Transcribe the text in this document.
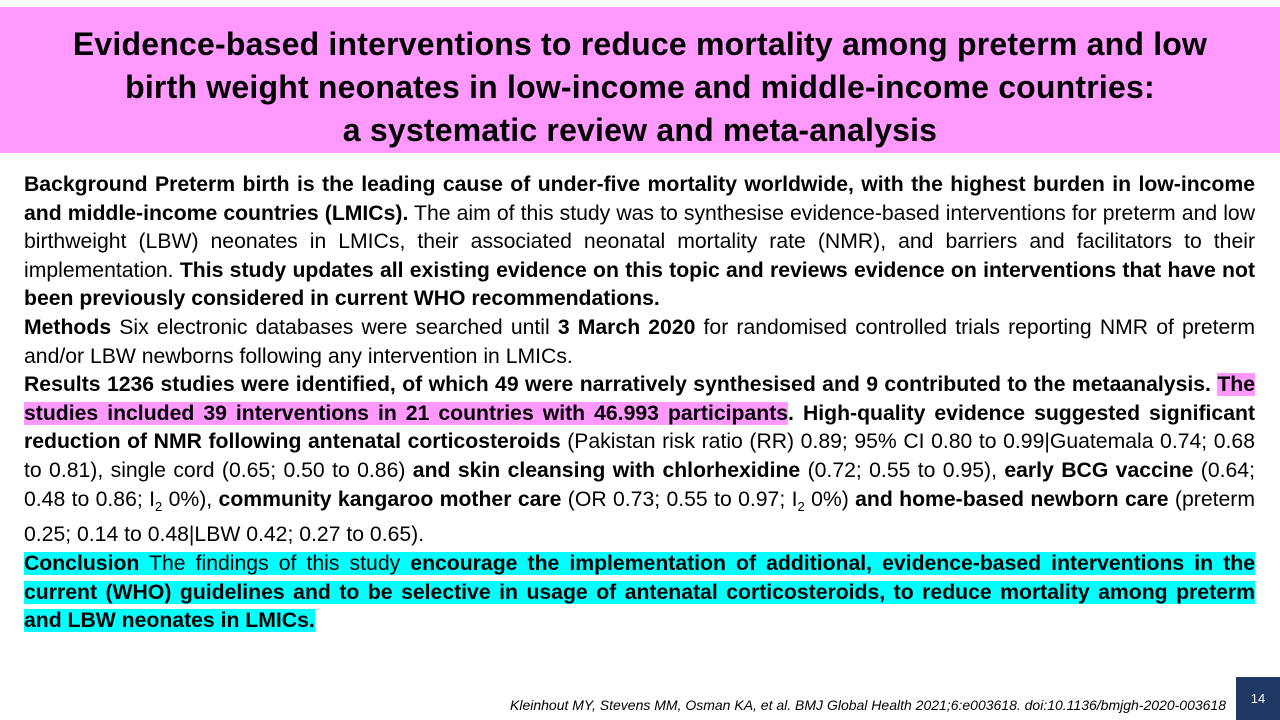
Evidence-based interventions to reduce mortality among preterm and low
birth weight neonates in low-income and middle-income countries:
a systematic review and meta-analysis

Background Preterm birth is the leading cause of under-five mortality worldwide, with the highest burden in low-income and middle-income countries (LMICs). The aim of this study was to synthesise evidence-based interventions for preterm and low birthweight (LBW) neonates in LMICs, their associated neonatal mortality rate (NMR), and barriers and facilitators to their implementation. This study updates all existing evidence on this topic and reviews evidence on interventions that have not been previously considered in current WHO recommendations.

Methods Six electronic databases were searched until 3 March 2020 for randomised controlled trials reporting NMR of preterm and/or LBW newborns following any intervention in LMICs.

Results 1236 studies were identified, of which 49 were narratively synthesised and 9 contributed to the metaanalysis. The studies included 39 interventions in 21 countries with 46.993 participants. High-quality evidence suggested significant reduction of NMR following antenatal corticosteroids (Pakistan risk ratio (RR) 0.89; 95% CI 0.80 to 0.99|Guatemala 0.74; 0.68 to 0.81), single cord (0.65; 0.50 to 0.86) and skin cleansing with chlorhexidine (0.72; 0.55 to 0.95), early BCG vaccine (0.64; 0.48 to 0.86; $I_2$ 0%), community kangaroo mother care (OR 0.73; 0.55 to 0.97; $I_2$ 0%) and home-based newborn care (preterm 0.25; 0.14 to 0.48|LBW 0.42; 0.27 to 0.65).

Conclusion The findings of this study encourage the implementation of additional, evidence-based interventions in the current (WHO) guidelines and to be selective in usage of antenatal corticosteroids, to reduce mortality among preterm and LBW neonates in LMICs.

Kleinhout MY, Stevens MM, Osman KA, et al. BMJ Global Health 2021;6:e003618. doi:10.1136/bmjgh-2020-003618 14
